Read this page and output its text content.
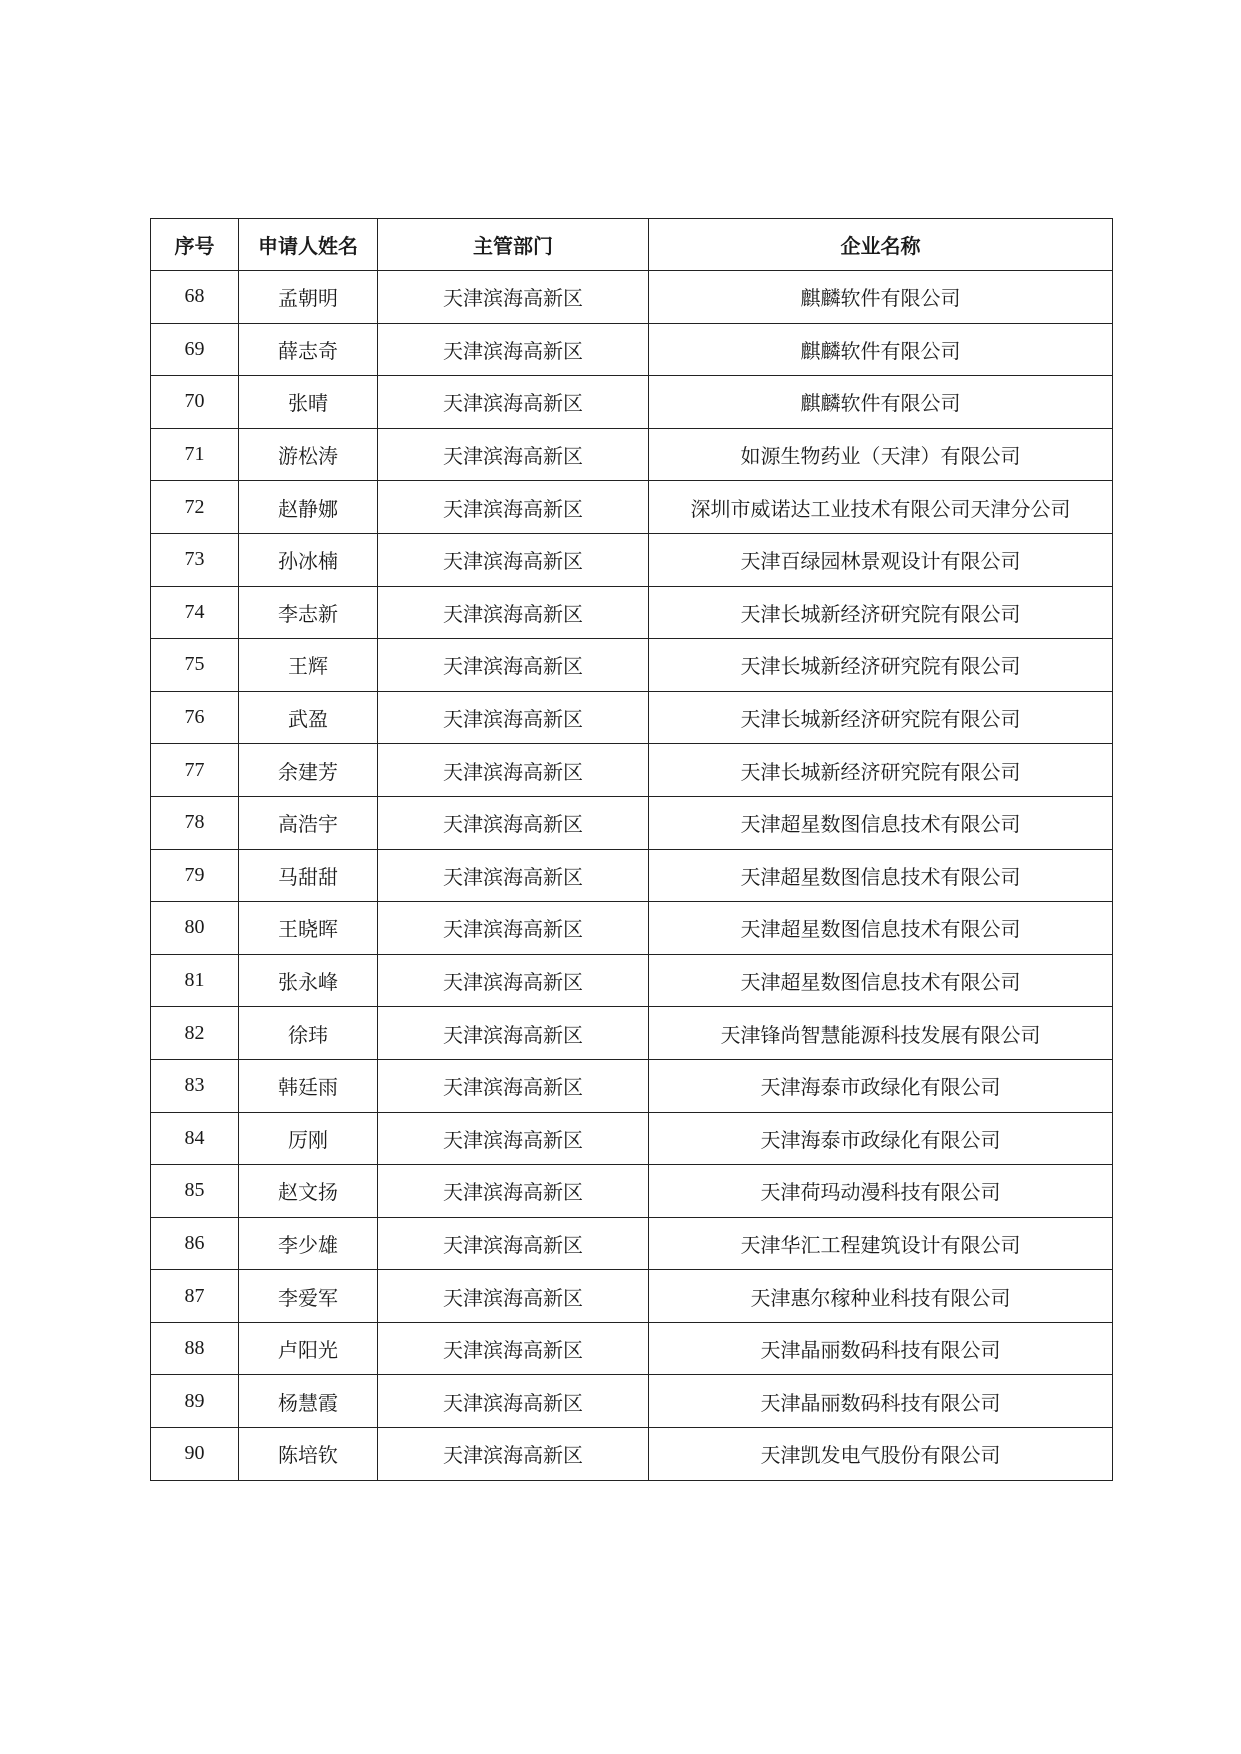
序号	申请人姓名	主管部门	企业名称
68	孟朝明	天津滨海高新区	麒麟软件有限公司
69	薛志奇	天津滨海高新区	麒麟软件有限公司
70	张晴	天津滨海高新区	麒麟软件有限公司
71	游松涛	天津滨海高新区	如源生物药业（天津）有限公司
72	赵静娜	天津滨海高新区	深圳市威诺达工业技术有限公司天津分公司
73	孙冰楠	天津滨海高新区	天津百绿园林景观设计有限公司
74	李志新	天津滨海高新区	天津长城新经济研究院有限公司
75	王辉	天津滨海高新区	天津长城新经济研究院有限公司
76	武盈	天津滨海高新区	天津长城新经济研究院有限公司
77	余建芳	天津滨海高新区	天津长城新经济研究院有限公司
78	高浩宇	天津滨海高新区	天津超星数图信息技术有限公司
79	马甜甜	天津滨海高新区	天津超星数图信息技术有限公司
80	王晓晖	天津滨海高新区	天津超星数图信息技术有限公司
81	张永峰	天津滨海高新区	天津超星数图信息技术有限公司
82	徐玮	天津滨海高新区	天津锋尚智慧能源科技发展有限公司
83	韩廷雨	天津滨海高新区	天津海泰市政绿化有限公司
84	厉刚	天津滨海高新区	天津海泰市政绿化有限公司
85	赵文扬	天津滨海高新区	天津荷玛动漫科技有限公司
86	李少雄	天津滨海高新区	天津华汇工程建筑设计有限公司
87	李爱军	天津滨海高新区	天津惠尔稼种业科技有限公司
88	卢阳光	天津滨海高新区	天津晶丽数码科技有限公司
89	杨慧霞	天津滨海高新区	天津晶丽数码科技有限公司
90	陈培钦	天津滨海高新区	天津凯发电气股份有限公司
